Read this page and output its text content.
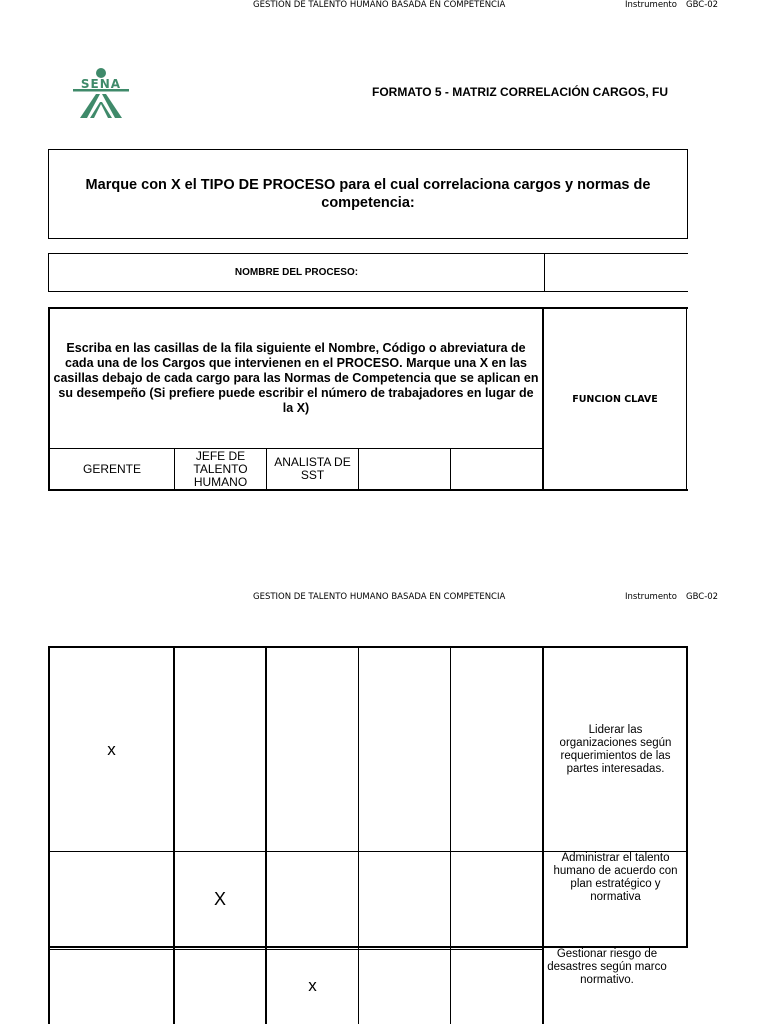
GESTION DE TALENTO HUMANO BASADA EN COMPETENCIA	Instrumento GBC-02
SENA
FORMATO 5 - MATRIZ CORRELACIÓN CARGOS, FU
Marque con X el TIPO DE PROCESO para el cual correlaciona cargos y normas de competencia:
NOMBRE DEL PROCESO:
Escriba en las casillas de la fila siguiente el Nombre, Código o abreviatura de cada una de los Cargos que intervienen en el PROCESO. Marque una X en las casillas debajo de cada cargo para las Normas de Competencia que se aplican en su desempeño (Si prefiere puede escribir el número de trabajadores en lugar de la X)
FUNCION CLAVE
GERENTE
JEFE DE TALENTO HUMANO
ANALISTA DE SST
GESTION DE TALENTO HUMANO BASADA EN COMPETENCIA	Instrumento GBC-02
x
Liderar las organizaciones según requerimientos de las partes interesadas.
X
Administrar el talento humano de acuerdo con plan estratégico y normativa
x
Gestionar riesgo de desastres según marco normativo.
